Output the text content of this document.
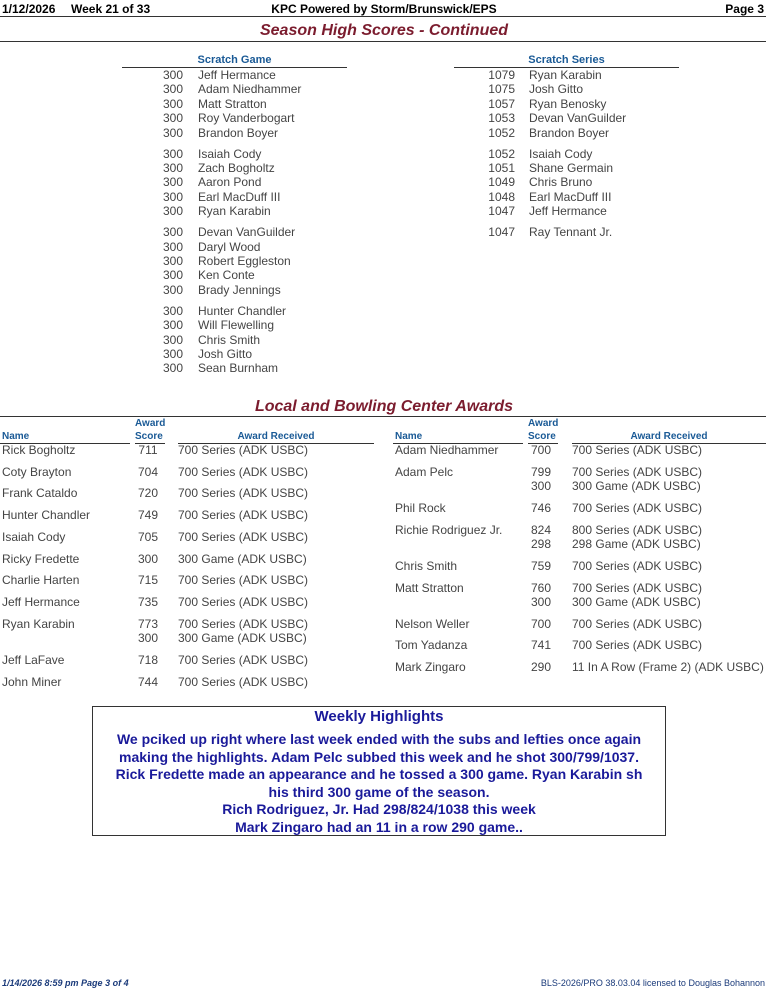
1/12/2026 Week 21 of 33	KPC Powered by Storm/Brunswick/EPS	Page 3
Season High Scores - Continued
Scratch Game	Scratch Series
300 Jeff Hermance
300 Adam Niedhammer
300 Matt Stratton
300 Roy Vanderbogart
300 Brandon Boyer
300 Isaiah Cody
300 Zach Bogholtz
300 Aaron Pond
300 Earl MacDuff III
300 Ryan Karabin
300 Devan VanGuilder
300 Daryl Wood
300 Robert Eggleston
300 Ken Conte
300 Brady Jennings
300 Hunter Chandler
300 Will Flewelling
300 Chris Smith
300 Josh Gitto
300 Sean Burnham
1079 Ryan Karabin
1075 Josh Gitto
1057 Ryan Benosky
1053 Devan VanGuilder
1052 Brandon Boyer
1052 Isaiah Cody
1051 Shane Germain
1049 Chris Bruno
1048 Earl MacDuff III
1047 Jeff Hermance
1047 Ray Tennant Jr.
Local and Bowling Center Awards
Name
Award
Score	Award Received	Name
Award
Score	Award Received
Rick Bogholtz	711	700 Series (ADK USBC)
Coty Brayton	704	700 Series (ADK USBC)
Frank Cataldo	720	700 Series (ADK USBC)
Hunter Chandler	749	700 Series (ADK USBC)
Isaiah Cody	705	700 Series (ADK USBC)
Ricky Fredette	300	300 Game (ADK USBC)
Charlie Harten	715	700 Series (ADK USBC)
Jeff Hermance	735	700 Series (ADK USBC)
Ryan Karabin	773	700 Series (ADK USBC)
300	300 Game (ADK USBC)
Jeff LaFave	718	700 Series (ADK USBC)
John Miner	744	700 Series (ADK USBC)
Adam Niedhammer	700	700 Series (ADK USBC)
Adam Pelc	799	700 Series (ADK USBC)
300	300 Game (ADK USBC)
Phil Rock	746	700 Series (ADK USBC)
Richie Rodriguez Jr.	824	800 Series (ADK USBC)
298	298 Game (ADK USBC)
Chris Smith	759	700 Series (ADK USBC)
Matt Stratton	760	700 Series (ADK USBC)
300	300 Game (ADK USBC)
Nelson Weller	700	700 Series (ADK USBC)
Tom Yadanza	741	700 Series (ADK USBC)
Mark Zingaro	290	11 In A Row (Frame 2) (ADK USBC)
Weekly Highlights
We pciked up right where last week ended with the subs and lefties once again
making the highlights. Adam Pelc subbed this week and he shot 300/799/1037.
Rick Fredette made an appearance and he tossed a 300 game. Ryan Karabin sh
his third 300 game of the season.
Rich Rodriguez, Jr. Had 298/824/1038 this week
Mark Zingaro had an 11 in a row 290 game..
1/14/2026 8:59 pm Page 3 of 4	BLS-2026/PRO 38.03.04 licensed to Douglas Bohannon
